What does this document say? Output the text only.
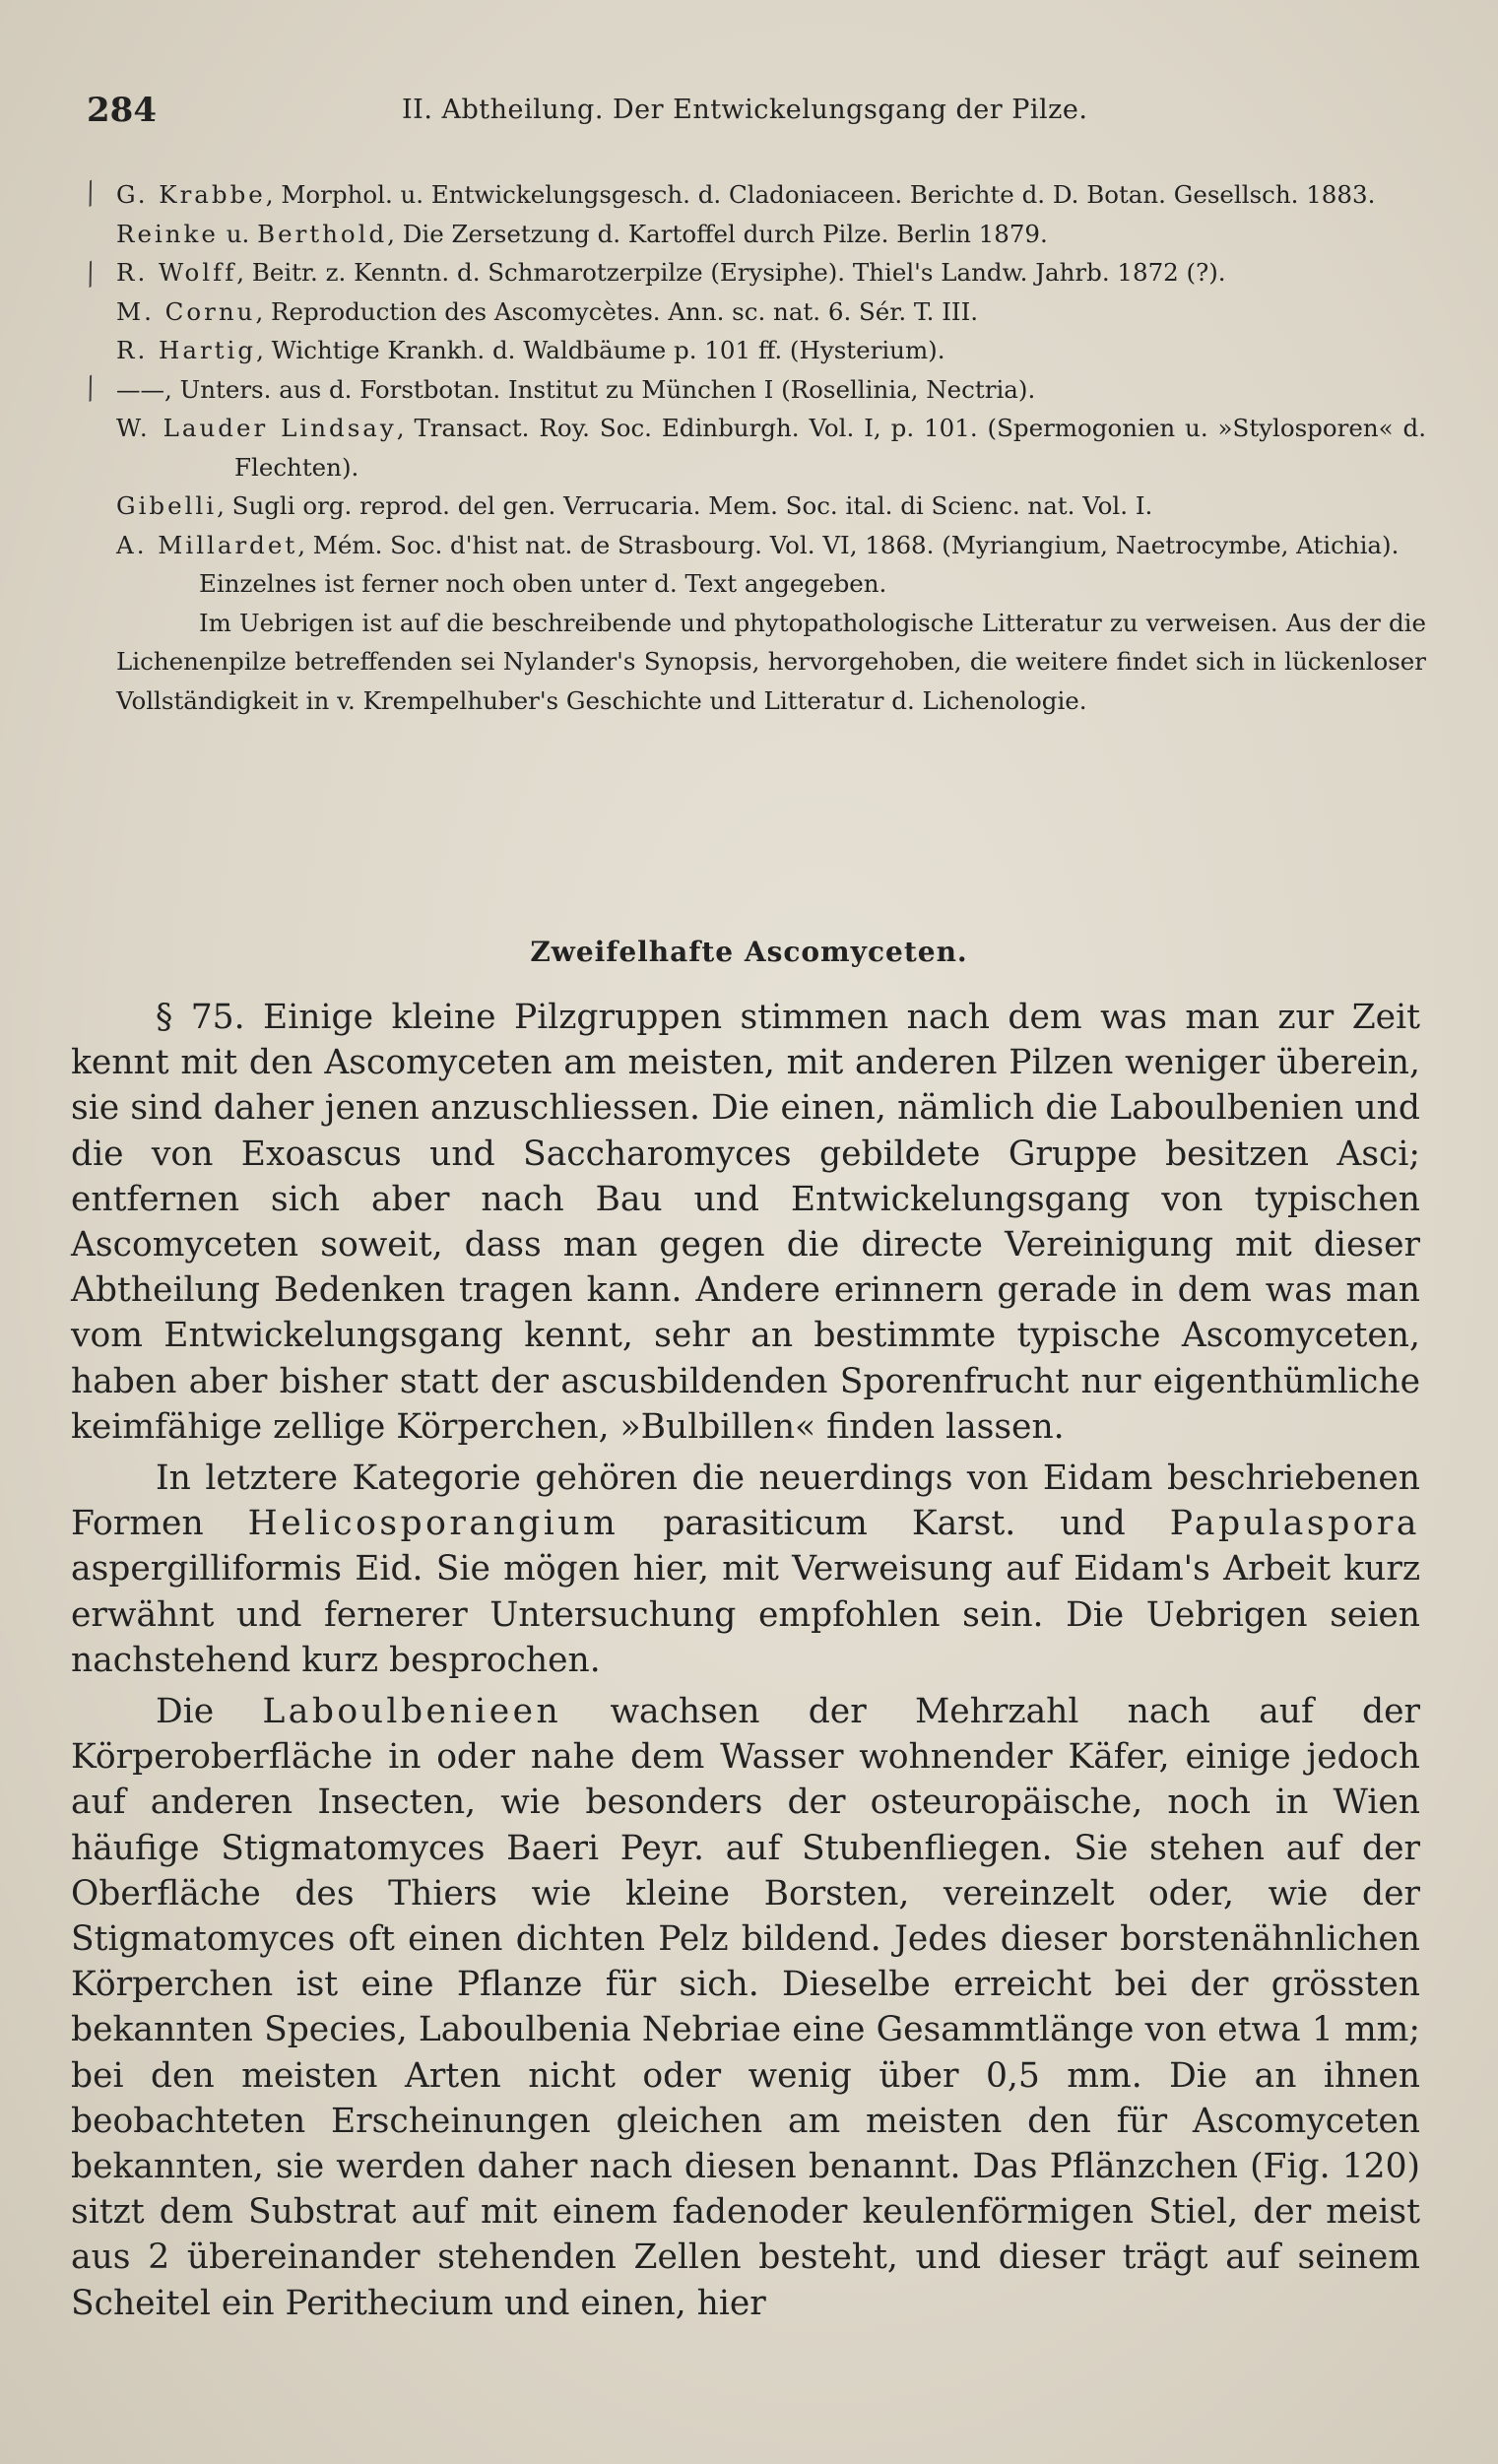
284	II. Abtheilung. Der Entwickelungsgang der Pilze.
⁄
⁄
⁄

G. Krabbe, Morphol. u. Entwickelungsgesch. d. Cladoniaceen. Berichte d. D. Botan. Gesellsch. 1883.

Reinke u. Berthold, Die Zersetzung d. Kartoffel durch Pilze. Berlin 1879.

R. Wolff, Beitr. z. Kenntn. d. Schmarotzerpilze (Erysiphe). Thiel's Landw. Jahrb. 1872 (?).

M. Cornu, Reproduction des Ascomycètes. Ann. sc. nat. 6. Sér. T. III.

R. Hartig, Wichtige Krankh. d. Waldbäume p. 101 ff. (Hysterium).

——, Unters. aus d. Forstbotan. Institut zu München I (Rosellinia, Nectria).

W. Lauder Lindsay, Transact. Roy. Soc. Edinburgh. Vol. I, p. 101. (Spermogonien u. »Stylosporen« d. Flechten).

Gibelli, Sugli org. reprod. del gen. Verrucaria. Mem. Soc. ital. di Scienc. nat. Vol. I.

A. Millardet, Mém. Soc. d'hist nat. de Strasbourg. Vol. VI, 1868. (Myriangium, Naetrocymbe, Atichia).

Einzelnes ist ferner noch oben unter d. Text angegeben.

Im Uebrigen ist auf die beschreibende und phytopathologische Litteratur zu verweisen. Aus der die Lichenenpilze betreffenden sei Nylander's Synopsis, hervorgehoben, die weitere findet sich in lückenloser Vollständigkeit in v. Krempelhuber's Geschichte und Litteratur d. Lichenologie.

Zweifelhafte Ascomyceten.

§ 75. Einige kleine Pilzgruppen stimmen nach dem was man zur Zeit kennt mit den Ascomyceten am meisten, mit anderen Pilzen weniger überein, sie sind daher jenen anzuschliessen. Die einen, nämlich die Laboulbenien und die von Exoascus und Saccharomyces gebildete Gruppe besitzen Asci; entfernen sich aber nach Bau und Entwickelungsgang von typischen Ascomyceten soweit, dass man gegen die directe Vereinigung mit dieser Abtheilung Bedenken tragen kann. Andere erinnern gerade in dem was man vom Entwickelungsgang kennt, sehr an bestimmte typische Ascomyceten, haben aber bisher statt der ascusbildenden Sporenfrucht nur eigenthümliche keimfähige zellige Körperchen, »Bulbillen« finden lassen.

In letztere Kategorie gehören die neuerdings von Eidam beschriebenen Formen Helicosporangium parasiticum Karst. und Papulaspora aspergilliformis Eid. Sie mögen hier, mit Verweisung auf Eidam's Arbeit kurz erwähnt und fernerer Untersuchung empfohlen sein. Die Uebrigen seien nachstehend kurz besprochen.

Die Laboulbenieen wachsen der Mehrzahl nach auf der Körperoberfläche in oder nahe dem Wasser wohnender Käfer, einige jedoch auf anderen Insecten, wie besonders der osteuropäische, noch in Wien häufige Stigmatomyces Baeri Peyr. auf Stubenfliegen. Sie stehen auf der Oberfläche des Thiers wie kleine Borsten, vereinzelt oder, wie der Stigmatomyces oft einen dichten Pelz bildend. Jedes dieser borstenähnlichen Körperchen ist eine Pflanze für sich. Dieselbe erreicht bei der grössten bekannten Species, Laboulbenia Nebriae eine Gesammtlänge von etwa 1 mm; bei den meisten Arten nicht oder wenig über 0,5 mm. Die an ihnen beobachteten Erscheinungen gleichen am meisten den für Ascomyceten bekannten, sie werden daher nach diesen benannt. Das Pflänzchen (Fig. 120) sitzt dem Substrat auf mit einem fadenoder keulenförmigen Stiel, der meist aus 2 übereinander stehenden Zellen besteht, und dieser trägt auf seinem Scheitel ein Perithecium und einen, hier
